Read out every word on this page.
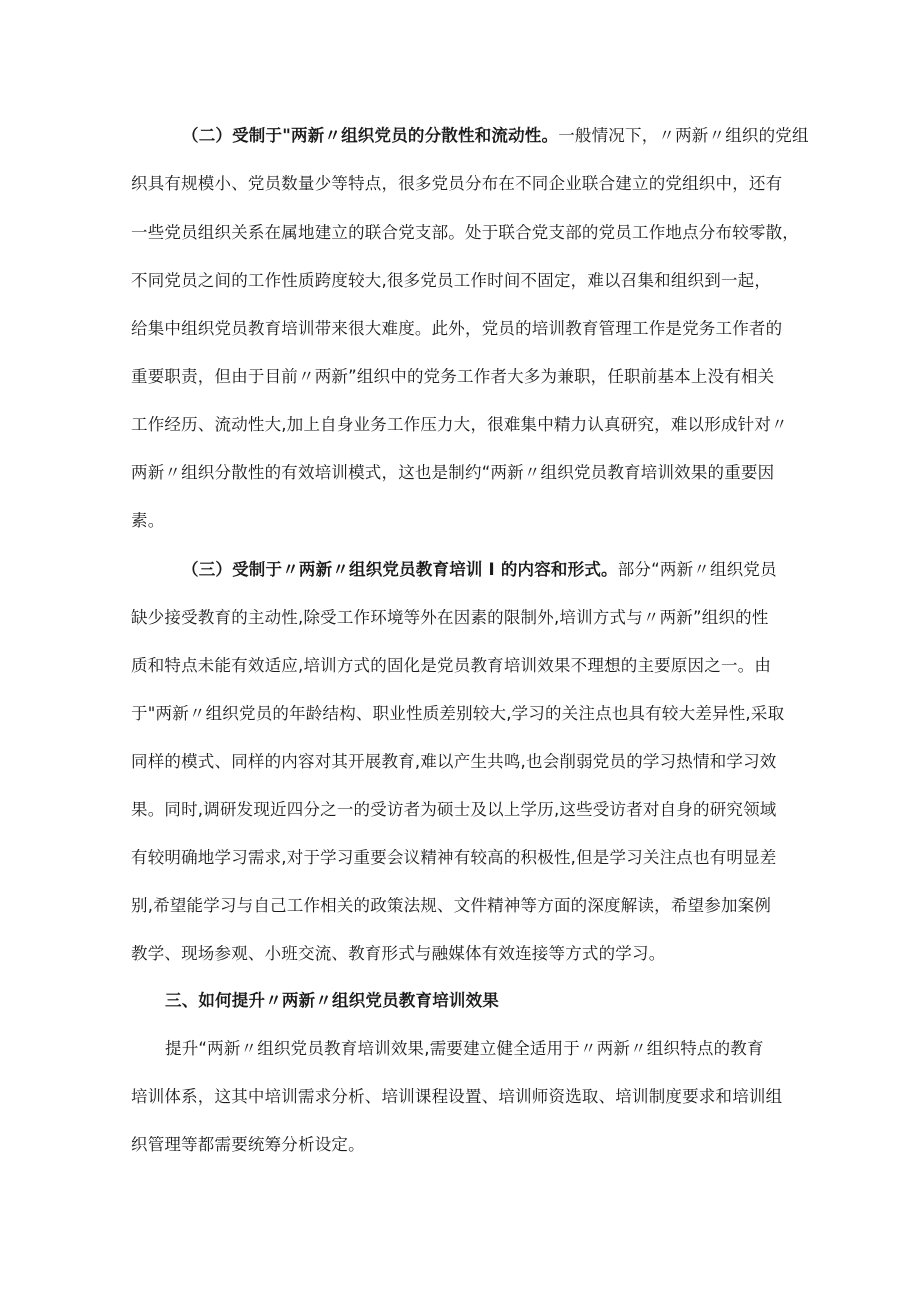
（二）受制于"两新〃组织党员的分散性和流动性。一般情况下，〃两新〃组织的党组
织具有规模小、党员数量少等特点，很多党员分布在不同企业联合建立的党组织中，还有
一些党员组织关系在属地建立的联合党支部。处于联合党支部的党员工作地点分布较零散，
不同党员之间的工作性质跨度较大,很多党员工作时间不固定，难以召集和组织到一起，
给集中组织党员教育培训带来很大难度。此外，党员的培训教育管理工作是党务工作者的
重要职责，但由于目前〃两新”组织中的党务工作者大多为兼职，任职前基本上没有相关
工作经历、流动性大,加上自身业务工作压力大，很难集中精力认真研究，难以形成针对〃
两新〃组织分散性的有效培训模式，这也是制约“两新〃组织党员教育培训效果的重要因
素。
（三）受制于〃两新〃组织党员教育培训 I 的内容和形式。部分“两新〃组织党员
缺少接受教育的主动性,除受工作环境等外在因素的限制外,培训方式与〃两新”组织的性
质和特点未能有效适应,培训方式的固化是党员教育培训效果不理想的主要原因之一。由
于"两新〃组织党员的年龄结构、职业性质差别较大,学习的关注点也具有较大差异性,采取
同样的模式、同样的内容对其开展教育,难以产生共鸣,也会削弱党员的学习热情和学习效
果。同时,调研发现近四分之一的受访者为硕士及以上学历,这些受访者对自身的研究领域
有较明确地学习需求,对于学习重要会议精神有较高的积极性,但是学习关注点也有明显差
别,希望能学习与自己工作相关的政策法规、文件精神等方面的深度解读，希望参加案例
教学、现场参观、小班交流、教育形式与融媒体有效连接等方式的学习。
三、如何提升〃两新〃组织党员教育培训效果
提升“两新〃组织党员教育培训效果,需要建立健全适用于〃两新〃组织特点的教育
培训体系，这其中培训需求分析、培训课程设置、培训师资选取、培训制度要求和培训组
织管理等都需要统筹分析设定。
